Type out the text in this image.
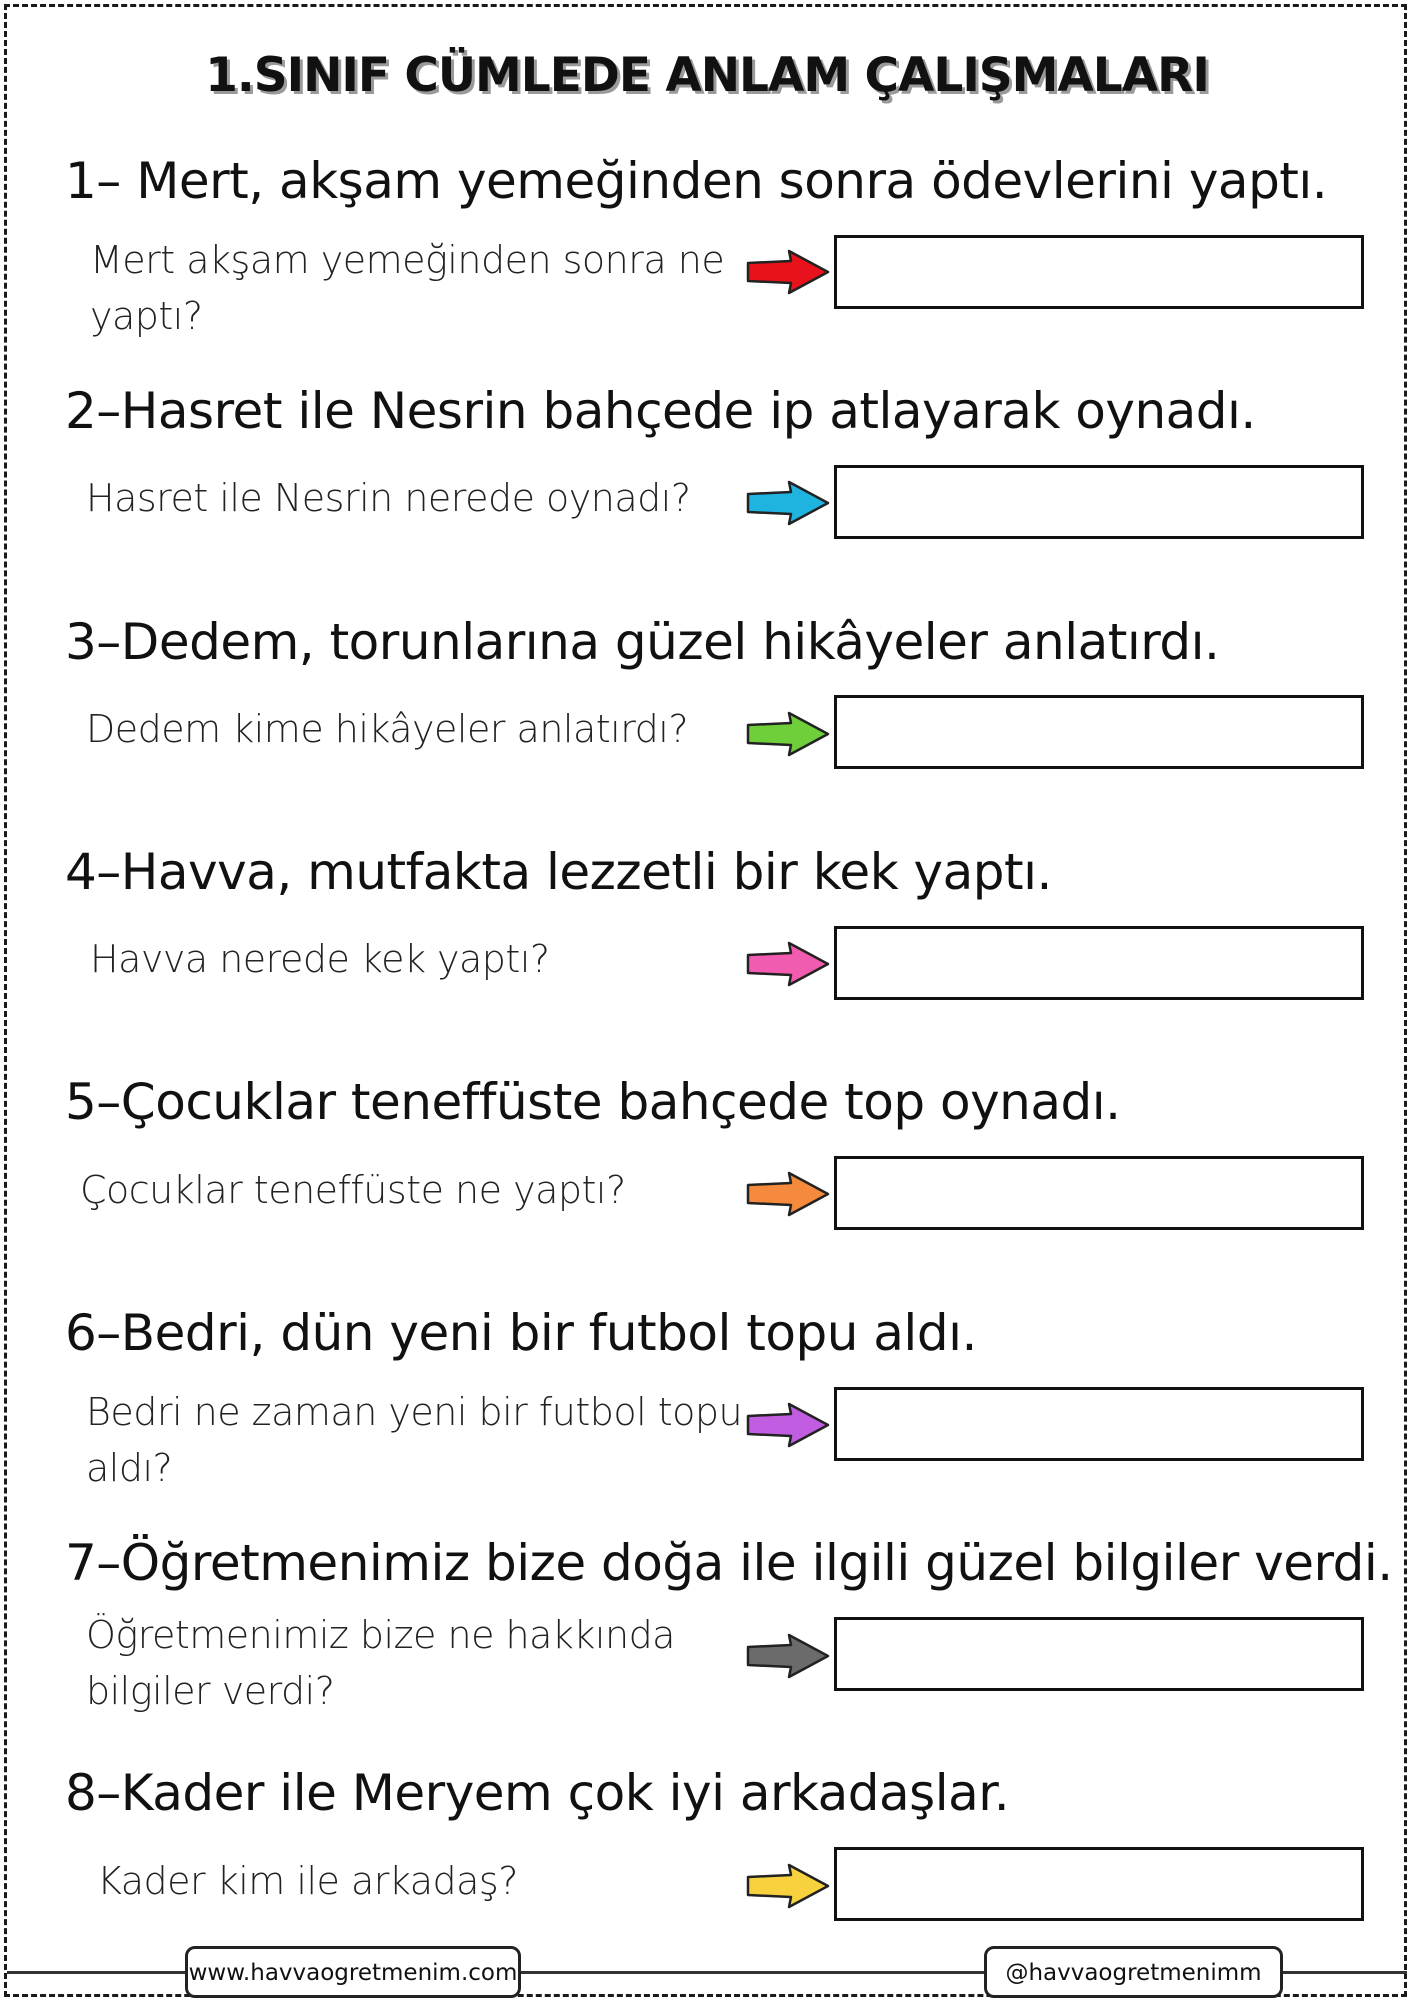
1.SINIF CÜMLEDE ANLAM ÇALIŞMALARI
1– Mert, akşam yemeğinden sonra ödevlerini yaptı.
Mert akşam yemeğinden sonra ne yaptı?
2–Hasret ile Nesrin bahçede ip atlayarak oynadı.
Hasret ile Nesrin nerede oynadı?
3–Dedem, torunlarına güzel hikâyeler anlatırdı.
Dedem kime hikâyeler anlatırdı?
4–Havva, mutfakta lezzetli bir kek yaptı.
Havva nerede kek yaptı?
5–Çocuklar teneffüste bahçede top oynadı.
Çocuklar teneffüste ne yaptı?
6–Bedri, dün yeni bir futbol topu aldı.
Bedri ne zaman yeni bir futbol topu aldı?
7–Öğretmenimiz bize doğa ile ilgili güzel bilgiler verdi.
Öğretmenimiz bize ne hakkında bilgiler verdi?
8–Kader ile Meryem çok iyi arkadaşlar.
Kader kim ile arkadaş?
www.havvaogretmenim.com	@havvaogretmenimm
